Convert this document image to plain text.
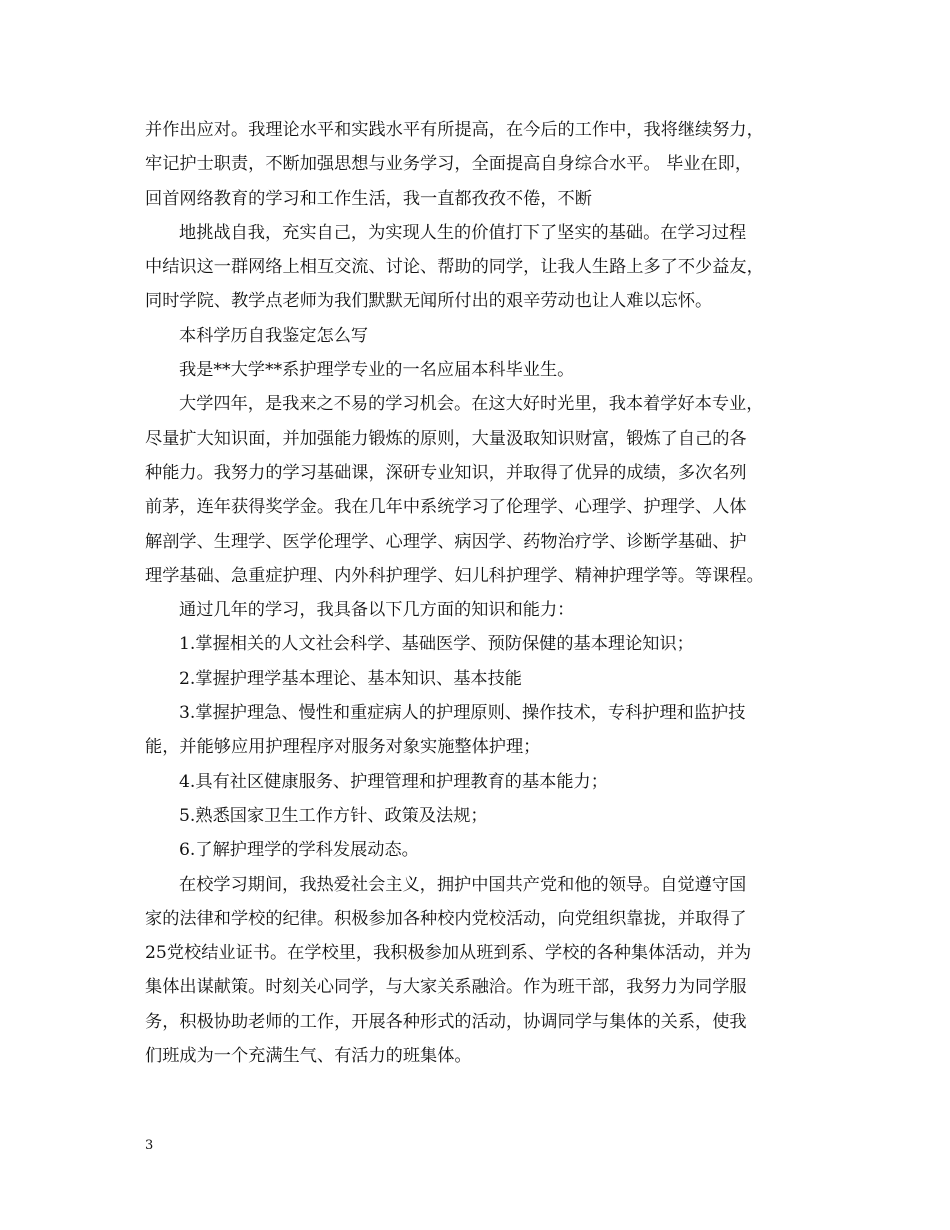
并作出应对。我理论水平和实践水平有所提高，在今后的工作中，我将继续努力，

牢记护士职责，不断加强思想与业务学习，全面提高自身综合水平。 毕业在即，

回首网络教育的学习和工作生活，我一直都孜孜不倦，不断

地挑战自我，充实自己，为实现人生的价值打下了坚实的基础。在学习过程

中结识这一群网络上相互交流、讨论、帮助的同学，让我人生路上多了不少益友，

同时学院、教学点老师为我们默默无闻所付出的艰辛劳动也让人难以忘怀。

本科学历自我鉴定怎么写

我是**大学**系护理学专业的一名应届本科毕业生。

大学四年，是我来之不易的学习机会。在这大好时光里，我本着学好本专业，

尽量扩大知识面，并加强能力锻炼的原则，大量汲取知识财富，锻炼了自己的各

种能力。我努力的学习基础课，深研专业知识，并取得了优异的成绩，多次名列

前茅，连年获得奖学金。我在几年中系统学习了伦理学、心理学、护理学、人体

解剖学、生理学、医学伦理学、心理学、病因学、药物治疗学、诊断学基础、护

理学基础、急重症护理、内外科护理学、妇儿科护理学、精神护理学等。等课程。

通过几年的学习，我具备以下几方面的知识和能力：

1.掌握相关的人文社会科学、基础医学、预防保健的基本理论知识；

2.掌握护理学基本理论、基本知识、基本技能

3.掌握护理急、慢性和重症病人的护理原则、操作技术，专科护理和监护技

能，并能够应用护理程序对服务对象实施整体护理；

4.具有社区健康服务、护理管理和护理教育的基本能力；

5.熟悉国家卫生工作方针、政策及法规；

6.了解护理学的学科发展动态。

在校学习期间，我热爱社会主义，拥护中国共产党和他的领导。自觉遵守国

家的法律和学校的纪律。积极参加各种校内党校活动，向党组织靠拢，并取得了

25党校结业证书。在学校里，我积极参加从班到系、学校的各种集体活动，并为

集体出谋献策。时刻关心同学，与大家关系融洽。作为班干部，我努力为同学服

务，积极协助老师的工作，开展各种形式的活动，协调同学与集体的关系，使我

们班成为一个充满生气、有活力的班集体。

3
